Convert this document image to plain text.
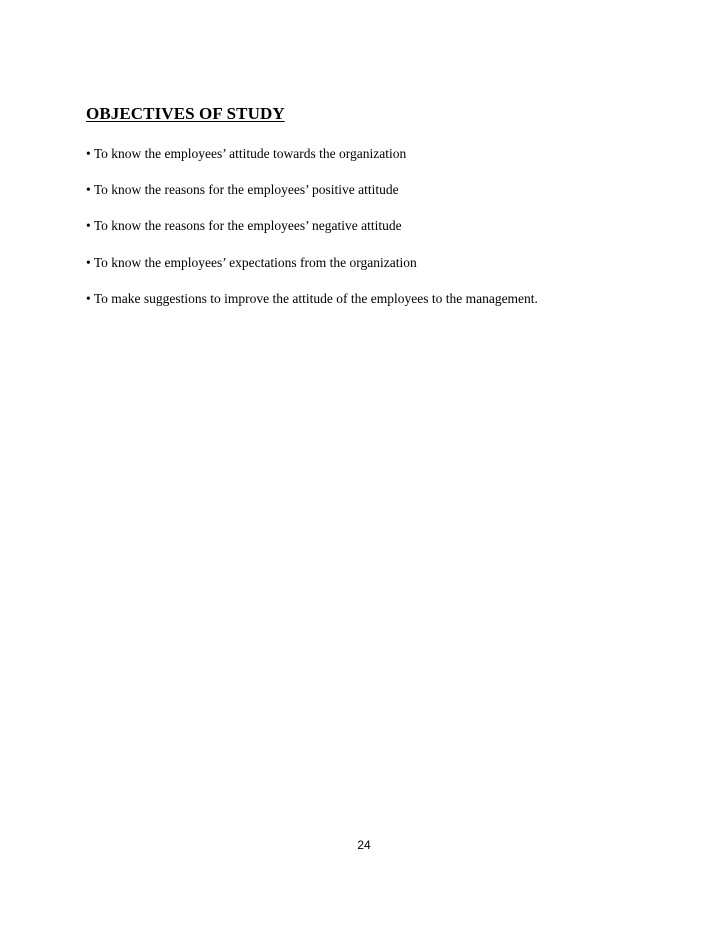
OBJECTIVES OF STUDY

• To know the employees’ attitude towards the organization

• To know the reasons for the employees’ positive attitude

• To know the reasons for the employees’ negative attitude

• To know the employees’ expectations from the organization

• To make suggestions to improve the attitude of the employees to the management.

24
